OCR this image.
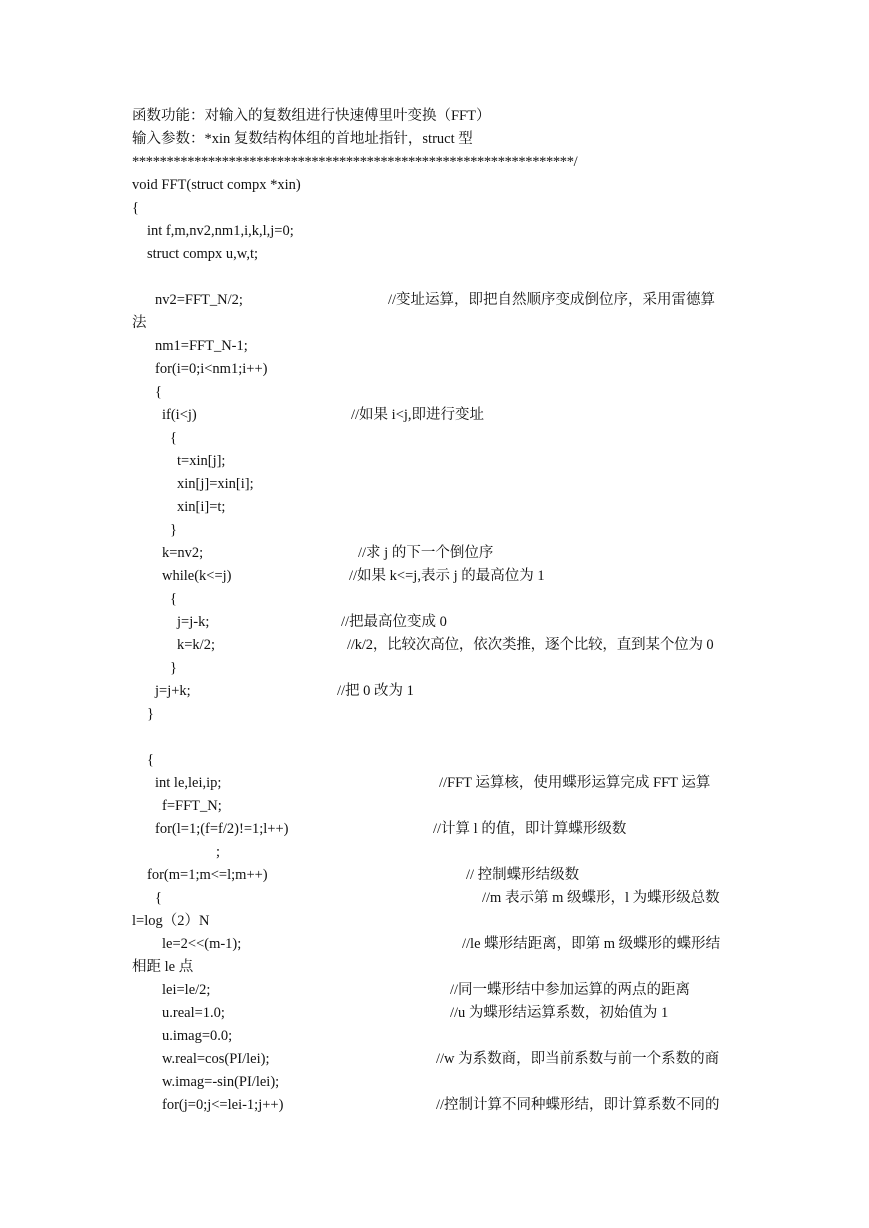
函数功能：对输入的复数组进行快速傅里叶变换（FFT）
输入参数：*xin 复数结构体组的首地址指针，struct 型
****************************************************************/
void FFT(struct compx *xin)
{
int f,m,nv2,nm1,i,k,l,j=0;
struct compx u,w,t;
nv2=FFT_N/2;	//变址运算，即把自然顺序变成倒位序，采用雷德算
法
nm1=FFT_N-1;
for(i=0;i<nm1;i++)
{
if(i<j)	//如果 i<j,即进行变址
{
t=xin[j];
xin[j]=xin[i];
xin[i]=t;
}
k=nv2;	//求 j 的下一个倒位序
while(k<=j)	//如果 k<=j,表示 j 的最高位为 1
{
j=j-k;	//把最高位变成 0
k=k/2;	//k/2，比较次高位，依次类推，逐个比较，直到某个位为 0
}
j=j+k;	//把 0 改为 1
}
{
int le,lei,ip;	//FFT 运算核，使用蝶形运算完成 FFT 运算
f=FFT_N;
for(l=1;(f=f/2)!=1;l++)	//计算 l 的值，即计算蝶形级数
;
for(m=1;m<=l;m++)	// 控制蝶形结级数
{	//m 表示第 m 级蝶形，l 为蝶形级总数
l=log（2）N
le=2<<(m-1);	//le 蝶形结距离，即第 m 级蝶形的蝶形结
相距 le 点
lei=le/2;	//同一蝶形结中参加运算的两点的距离
u.real=1.0;	//u 为蝶形结运算系数，初始值为 1
u.imag=0.0;
w.real=cos(PI/lei);	//w 为系数商，即当前系数与前一个系数的商
w.imag=-sin(PI/lei);
for(j=0;j<=lei-1;j++)	//控制计算不同种蝶形结，即计算系数不同的
